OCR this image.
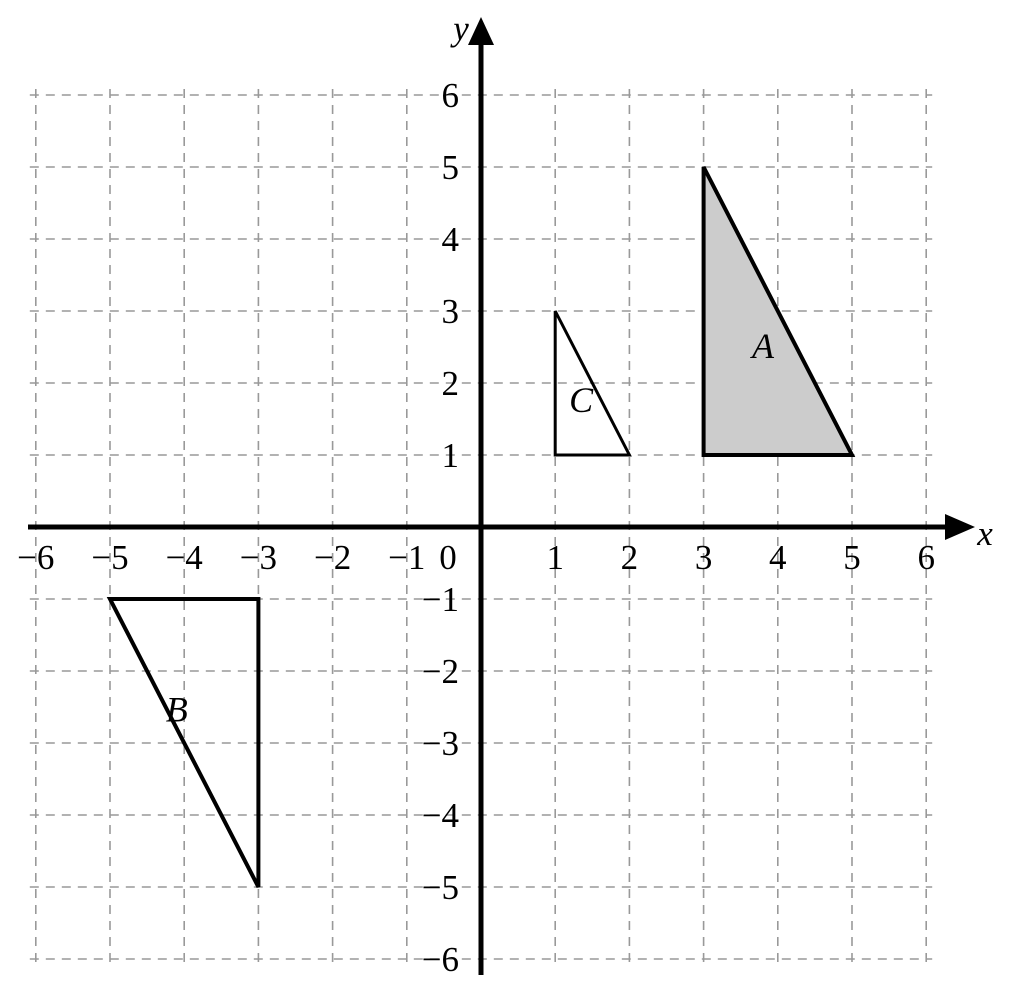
−6 −5 −4 −3 −2 −1	1 2 3 4 5 6
0
6
5
4
3
2
1
−1
−2
−3
−4
−5
−6
x
y
A
B
C
